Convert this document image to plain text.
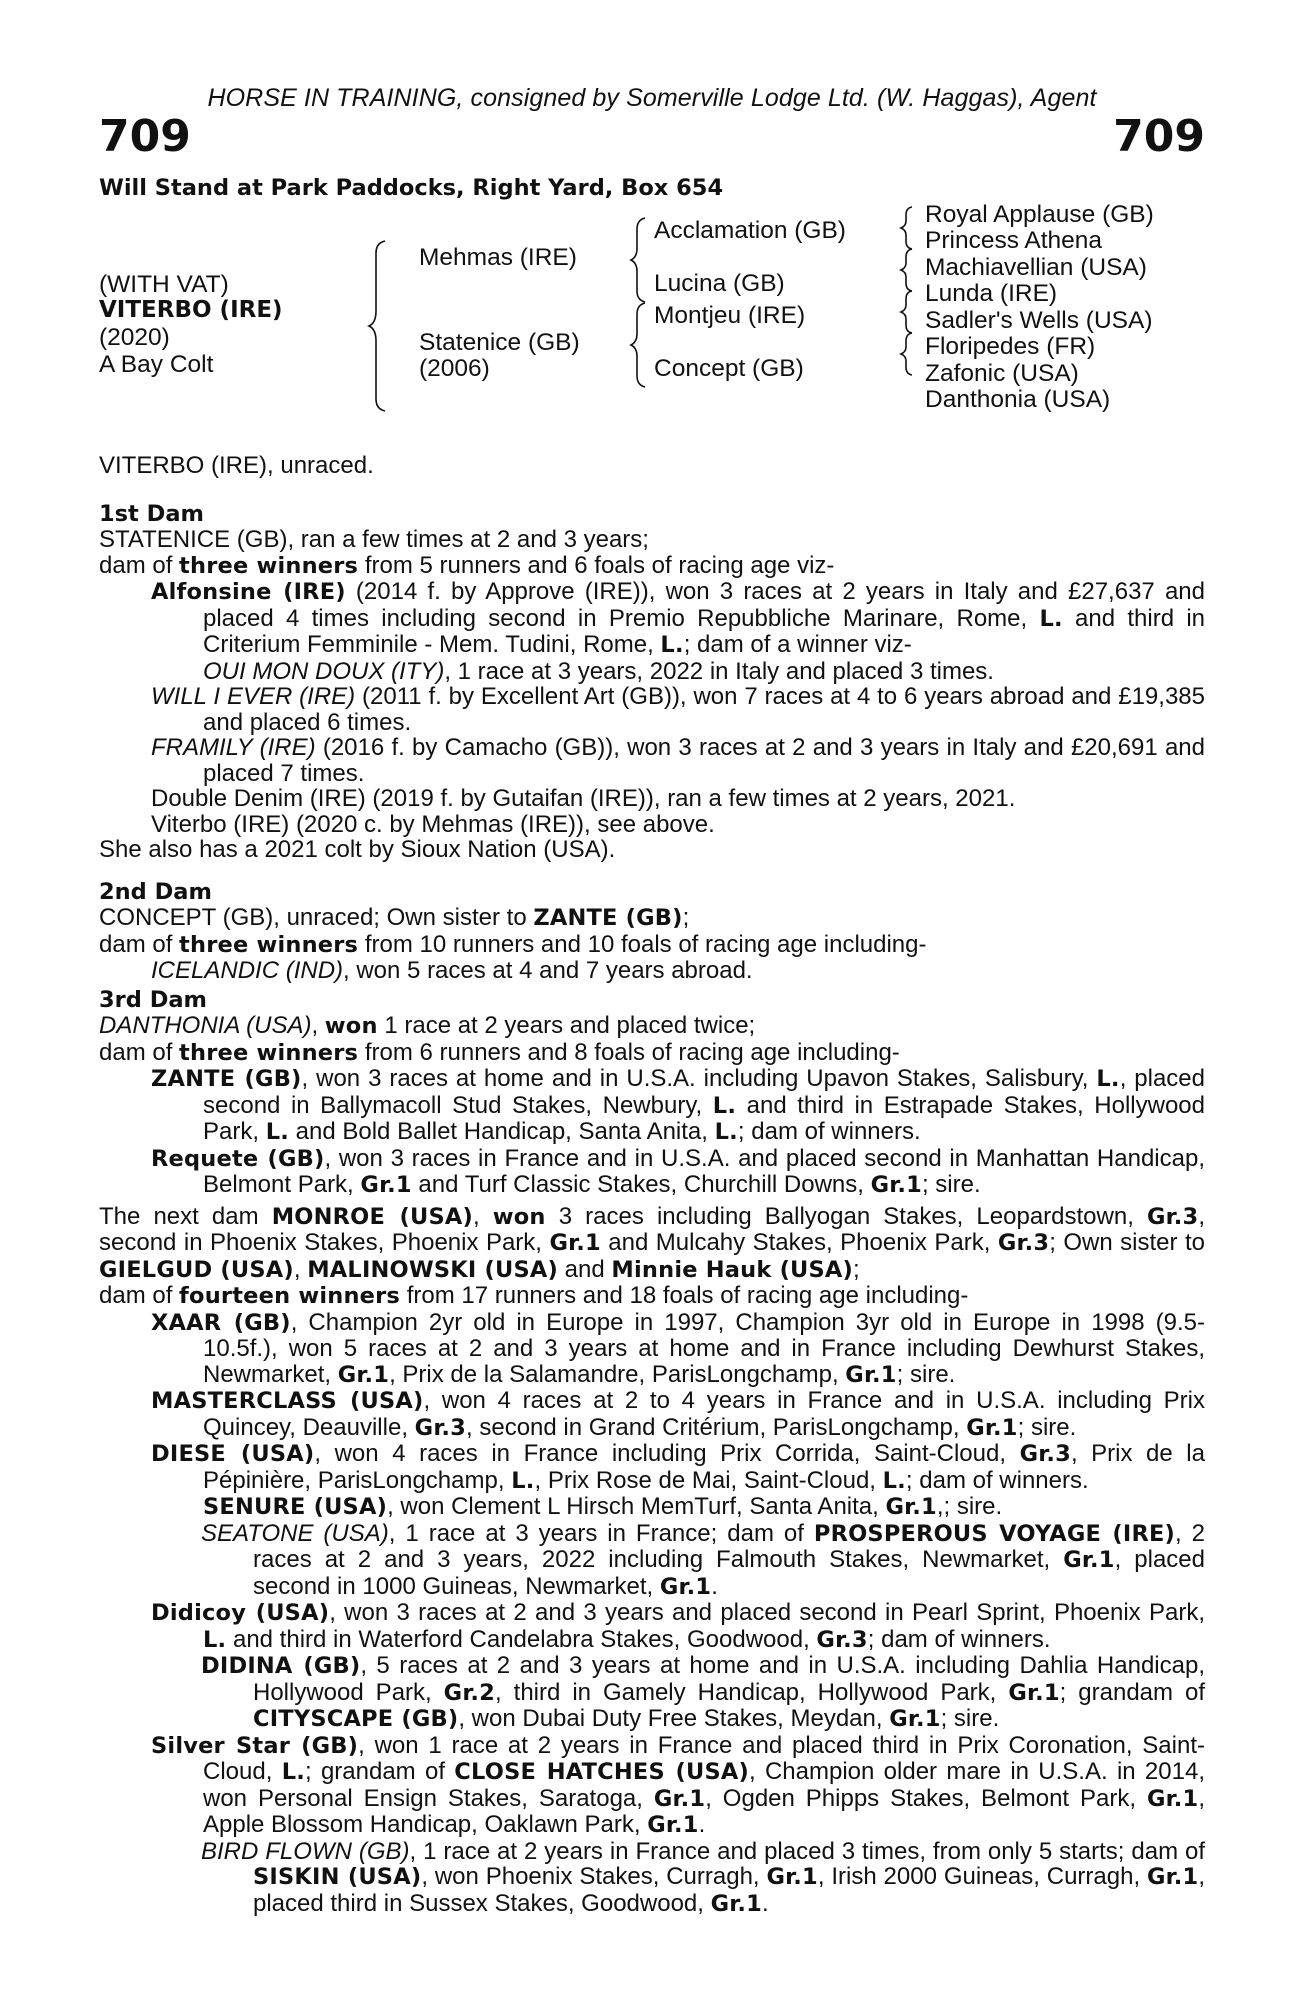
HORSE IN TRAINING, consigned by Somerville Lodge Ltd. (W. Haggas), Agent
709	709
Will Stand at Park Paddocks, Right Yard, Box 654
(WITH VAT)
VITERBO (IRE)
(2020)
A Bay Colt
Mehmas (IRE)
Statenice (GB)
(2006)
Acclamation (GB)
Lucina (GB)
Montjeu (IRE)
Concept (GB)
Royal Applause (GB)
Princess Athena
Machiavellian (USA)
Lunda (IRE)
Sadler's Wells (USA)
Floripedes (FR)
Zafonic (USA)
Danthonia (USA)

VITERBO (IRE), unraced.

1st Dam

STATENICE (GB), ran a few times at 2 and 3 years;

dam of three winners from 5 runners and 6 foals of racing age viz-

Alfonsine (IRE) (2014 f. by Approve (IRE)), won 3 races at 2 years in Italy and £27,637 and placed 4 times including second in Premio Repubbliche Marinare, Rome, L. and third in Criterium Femminile - Mem. Tudini, Rome, L.; dam of a winner viz-

OUI MON DOUX (ITY), 1 race at 3 years, 2022 in Italy and placed 3 times.

WILL I EVER (IRE) (2011 f. by Excellent Art (GB)), won 7 races at 4 to 6 years abroad and £19,385 and placed 6 times.

FRAMILY (IRE) (2016 f. by Camacho (GB)), won 3 races at 2 and 3 years in Italy and £20,691 and placed 7 times.

Double Denim (IRE) (2019 f. by Gutaifan (IRE)), ran a few times at 2 years, 2021.

Viterbo (IRE) (2020 c. by Mehmas (IRE)), see above.

She also has a 2021 colt by Sioux Nation (USA).

2nd Dam

CONCEPT (GB), unraced; Own sister to ZANTE (GB);

dam of three winners from 10 runners and 10 foals of racing age including-

ICELANDIC (IND), won 5 races at 4 and 7 years abroad.

3rd Dam

DANTHONIA (USA), won 1 race at 2 years and placed twice;

dam of three winners from 6 runners and 8 foals of racing age including-

ZANTE (GB), won 3 races at home and in U.S.A. including Upavon Stakes, Salisbury, L., placed second in Ballymacoll Stud Stakes, Newbury, L. and third in Estrapade Stakes, Hollywood Park, L. and Bold Ballet Handicap, Santa Anita, L.; dam of winners.

Requete (GB), won 3 races in France and in U.S.A. and placed second in Manhattan Handicap, Belmont Park, Gr.1 and Turf Classic Stakes, Churchill Downs, Gr.1; sire.

The next dam MONROE (USA), won 3 races including Ballyogan Stakes, Leopardstown, Gr.3, second in Phoenix Stakes, Phoenix Park, Gr.1 and Mulcahy Stakes, Phoenix Park, Gr.3; Own sister to GIELGUD (USA), MALINOWSKI (USA) and Minnie Hauk (USA);

dam of fourteen winners from 17 runners and 18 foals of racing age including-

XAAR (GB), Champion 2yr old in Europe in 1997, Champion 3yr old in Europe in 1998 (9.5-10.5f.), won 5 races at 2 and 3 years at home and in France including Dewhurst Stakes, Newmarket, Gr.1, Prix de la Salamandre, ParisLongchamp, Gr.1; sire.

MASTERCLASS (USA), won 4 races at 2 to 4 years in France and in U.S.A. including Prix Quincey, Deauville, Gr.3, second in Grand Critérium, ParisLongchamp, Gr.1; sire.

DIESE (USA), won 4 races in France including Prix Corrida, Saint-Cloud, Gr.3, Prix de la Pépinière, ParisLongchamp, L., Prix Rose de Mai, Saint-Cloud, L.; dam of winners.

SENURE (USA), won Clement L Hirsch MemTurf, Santa Anita, Gr.1,; sire.

SEATONE (USA), 1 race at 3 years in France; dam of PROSPEROUS VOYAGE (IRE), 2 races at 2 and 3 years, 2022 including Falmouth Stakes, Newmarket, Gr.1, placed second in 1000 Guineas, Newmarket, Gr.1.

Didicoy (USA), won 3 races at 2 and 3 years and placed second in Pearl Sprint, Phoenix Park, L. and third in Waterford Candelabra Stakes, Goodwood, Gr.3; dam of winners.

DIDINA (GB), 5 races at 2 and 3 years at home and in U.S.A. including Dahlia Handicap, Hollywood Park, Gr.2, third in Gamely Handicap, Hollywood Park, Gr.1; grandam of CITYSCAPE (GB), won Dubai Duty Free Stakes, Meydan, Gr.1; sire.

Silver Star (GB), won 1 race at 2 years in France and placed third in Prix Coronation, Saint-Cloud, L.; grandam of CLOSE HATCHES (USA), Champion older mare in U.S.A. in 2014, won Personal Ensign Stakes, Saratoga, Gr.1, Ogden Phipps Stakes, Belmont Park, Gr.1, Apple Blossom Handicap, Oaklawn Park, Gr.1.

BIRD FLOWN (GB), 1 race at 2 years in France and placed 3 times, from only 5 starts; dam of SISKIN (USA), won Phoenix Stakes, Curragh, Gr.1, Irish 2000 Guineas, Curragh, Gr.1, placed third in Sussex Stakes, Goodwood, Gr.1.
